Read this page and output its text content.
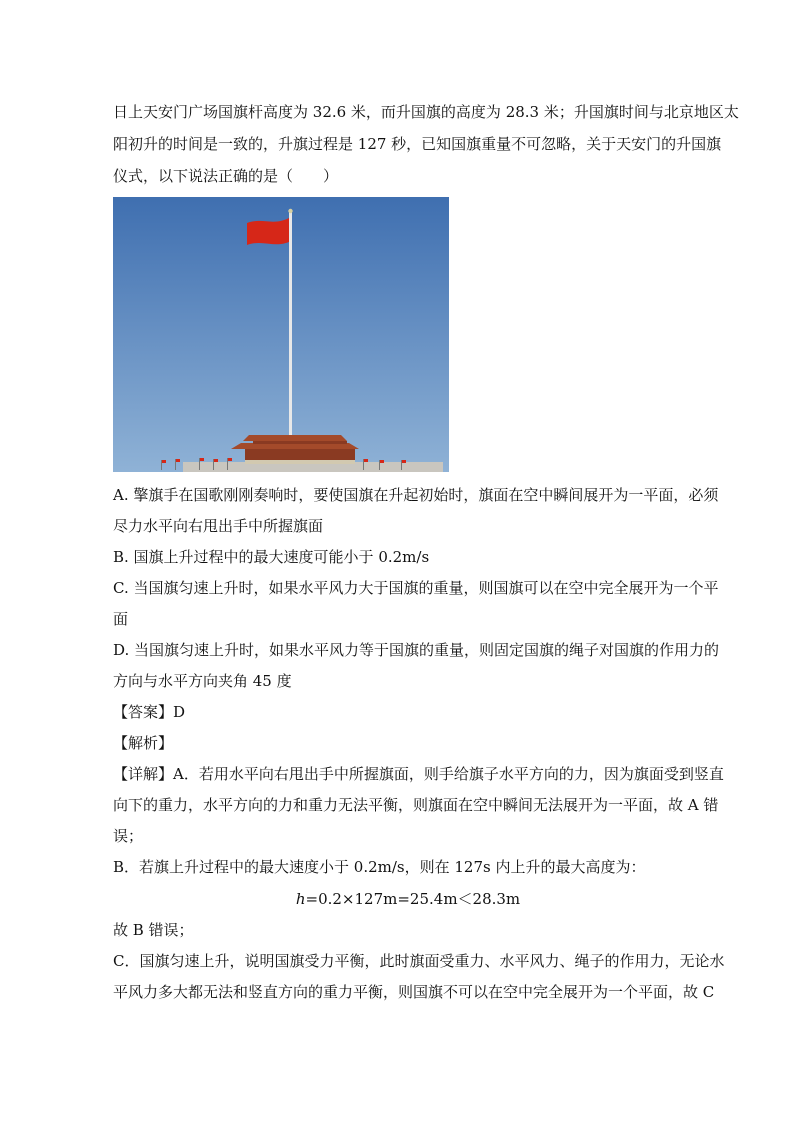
日上天安门广场国旗杆高度为 32.6 米，而升国旗的高度为 28.3 米；升国旗时间与北京地区太
阳初升的时间是一致的，升旗过程是 127 秒，已知国旗重量不可忽略，关于天安门的升国旗
仪式，以下说法正确的是（　　）
A. 擎旗手在国歌刚刚奏响时，要使国旗在升起初始时，旗面在空中瞬间展开为一平面，必须
尽力水平向右甩出手中所握旗面
B. 国旗上升过程中的最大速度可能小于 0.2m/s
C. 当国旗匀速上升时，如果水平风力大于国旗的重量，则国旗可以在空中完全展开为一个平
面
D. 当国旗匀速上升时，如果水平风力等于国旗的重量，则固定国旗的绳子对国旗的作用力的
方向与水平方向夹角 45 度
【答案】D
【解析】
【详解】A．若用水平向右甩出手中所握旗面，则手给旗子水平方向的力，因为旗面受到竖直
向下的重力，水平方向的力和重力无法平衡，则旗面在空中瞬间无法展开为一平面，故 A 错
误；
B．若旗上升过程中的最大速度小于 0.2m/s，则在 127s 内上升的最大高度为：
h=0.2×127m=25.4m＜28.3m
故 B 错误；
C．国旗匀速上升，说明国旗受力平衡，此时旗面受重力、水平风力、绳子的作用力，无论水
平风力多大都无法和竖直方向的重力平衡，则国旗不可以在空中完全展开为一个平面，故 C
